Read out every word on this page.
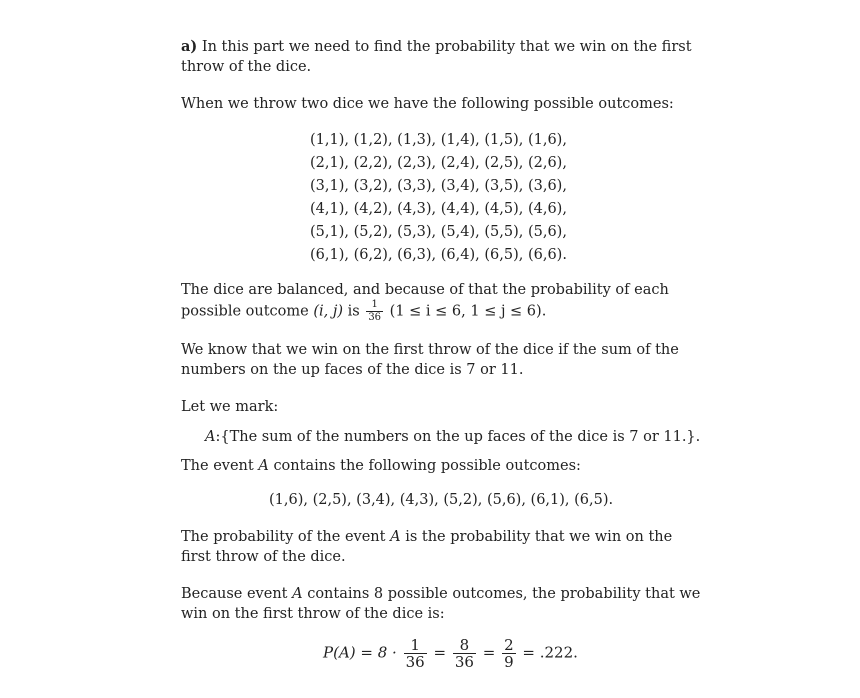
a) In this part we need to find the probability that we win on the first throw of the dice.

When we throw two dice we have the following possible outcomes:

(1,1), (1,2), (1,3), (1,4), (1,5), (1,6),
(2,1), (2,2), (2,3), (2,4), (2,5), (2,6),
(3,1), (3,2), (3,3), (3,4), (3,5), (3,6),
(4,1), (4,2), (4,3), (4,4), (4,5), (4,6),
(5,1), (5,2), (5,3), (5,4), (5,5), (5,6),
(6,1), (6,2), (6,3), (6,4), (6,5), (6,6).

The dice are balanced, and because of that the probability of each possible outcome (i, j) is $\frac{1}{36} (1 \le i \le 6$, 1 ≤ j ≤ 6).

We know that we win on the first throw of the dice if the sum of the numbers on the up faces of the dice is 7 or 11.

Let we mark:

A:{The sum of the numbers on the up faces of the dice is 7 or 11.}.

The event A contains the following possible outcomes:

(1,6), (2,5), (3,4), (4,3), (5,2), (5,6), (6,1), (6,5).

The probability of the event A is the probability that we win on the first throw of the dice.

Because event A contains 8 possible outcomes, the probability that we win on the first throw of the dice is:

$P(A) = 8 \cdot \frac{1}{36} = \frac{8}{36} = \frac{2}{9} = .222$.
